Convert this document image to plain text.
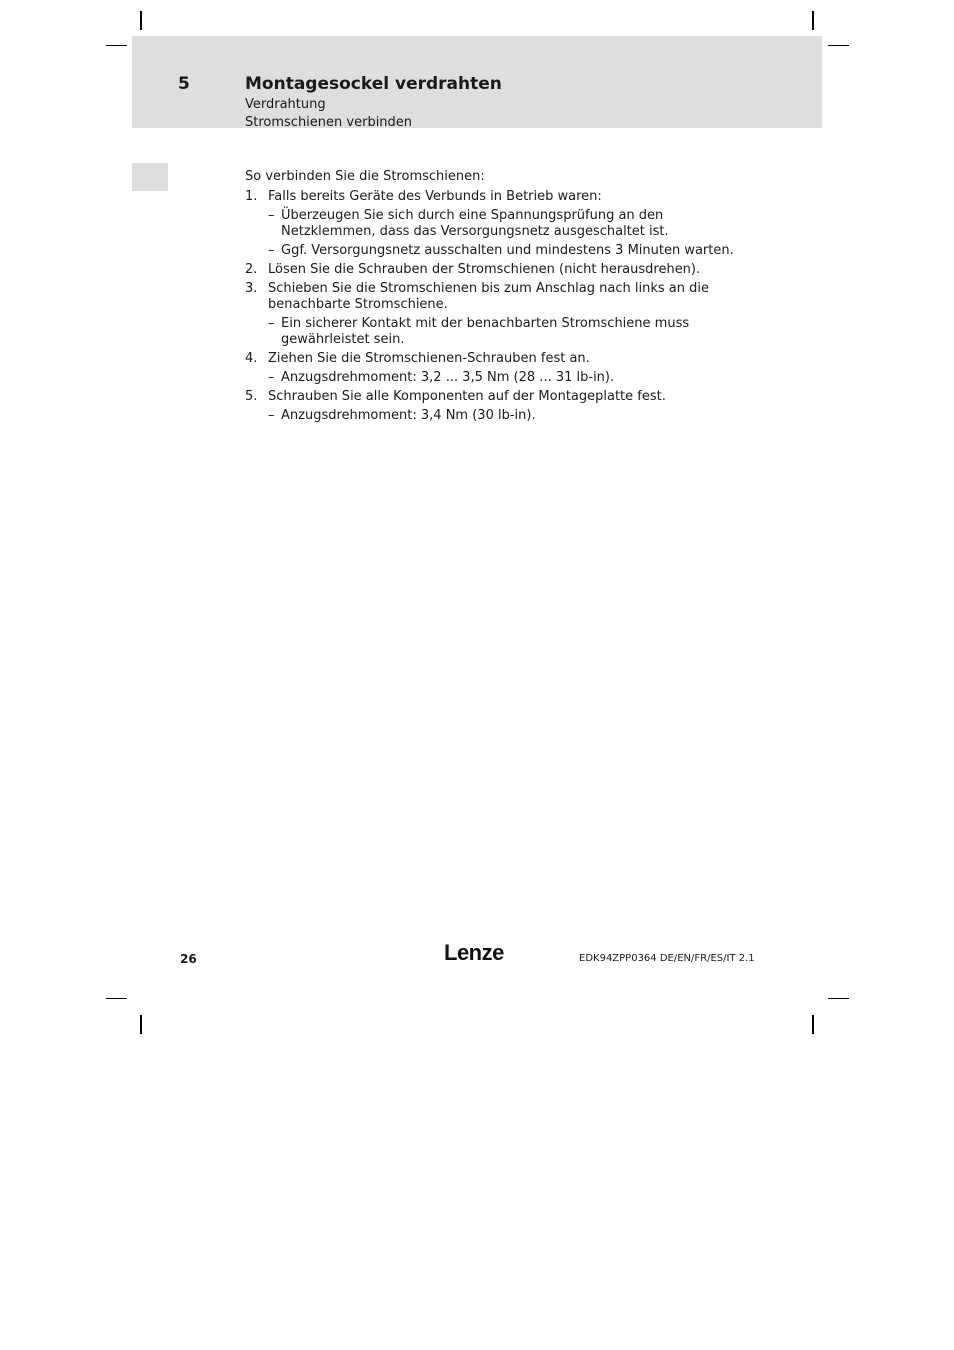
5	Montagesockel verdrahten
Verdrahtung
Stromschienen verbinden

So verbinden Sie die Stromschienen:

1. Falls bereits Geräte des Verbunds in Betrieb waren:
– Überzeugen Sie sich durch eine Spannungsprüfung an den Netzklemmen, dass das Versorgungsnetz ausgeschaltet ist.
– Ggf. Versorgungsnetz ausschalten und mindestens 3 Minuten warten.
2. Lösen Sie die Schrauben der Stromschienen (nicht herausdrehen).
3. Schieben Sie die Stromschienen bis zum Anschlag nach links an die benachbarte Stromschiene.
– Ein sicherer Kontakt mit der benachbarten Stromschiene muss gewährleistet sein.
4. Ziehen Sie die Stromschienen-Schrauben fest an.
– Anzugsdrehmoment: 3,2 ... 3,5 Nm (28 ... 31 lb-in).
5. Schrauben Sie alle Komponenten auf der Montageplatte fest.
– Anzugsdrehmoment: 3,4 Nm (30 lb-in).
26	Lenze	EDK94ZPP0364 DE/EN/FR/ES/IT 2.1
